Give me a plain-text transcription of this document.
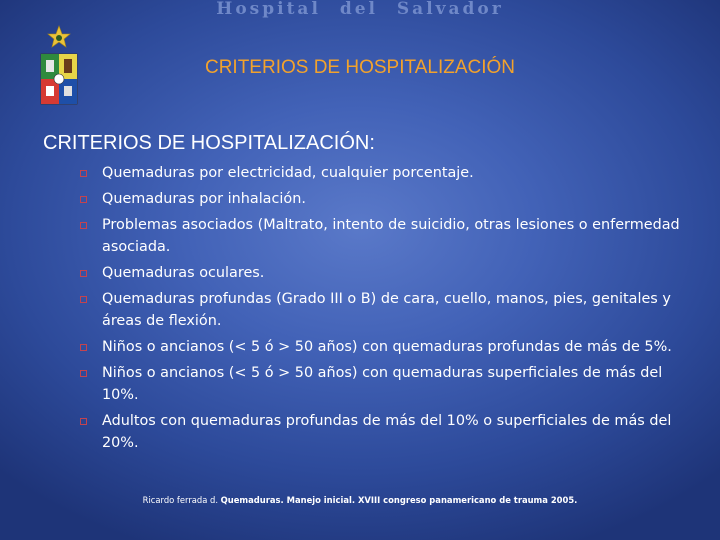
Hospital del Salvador
CRITERIOS DE HOSPITALIZACIÓN
CRITERIOS DE HOSPITALIZACIÓN:
Quemaduras por electricidad, cualquier porcentaje.
Quemaduras por inhalación.
Problemas asociados (Maltrato, intento de suicidio, otras lesiones o enfermedad asociada.
Quemaduras oculares.
Quemaduras profundas (Grado III o B) de cara, cuello, manos, pies, genitales y áreas de flexión.
Niños o ancianos (< 5 ó > 50 años) con quemaduras profundas de más de 5%.
Niños o ancianos (< 5 ó > 50 años) con quemaduras superficiales de más del 10%.
Adultos con quemaduras profundas de más del 10% o superficiales de más del 20%.
Ricardo ferrada d. Quemaduras. Manejo inicial. XVIII congreso panamericano de trauma 2005.
